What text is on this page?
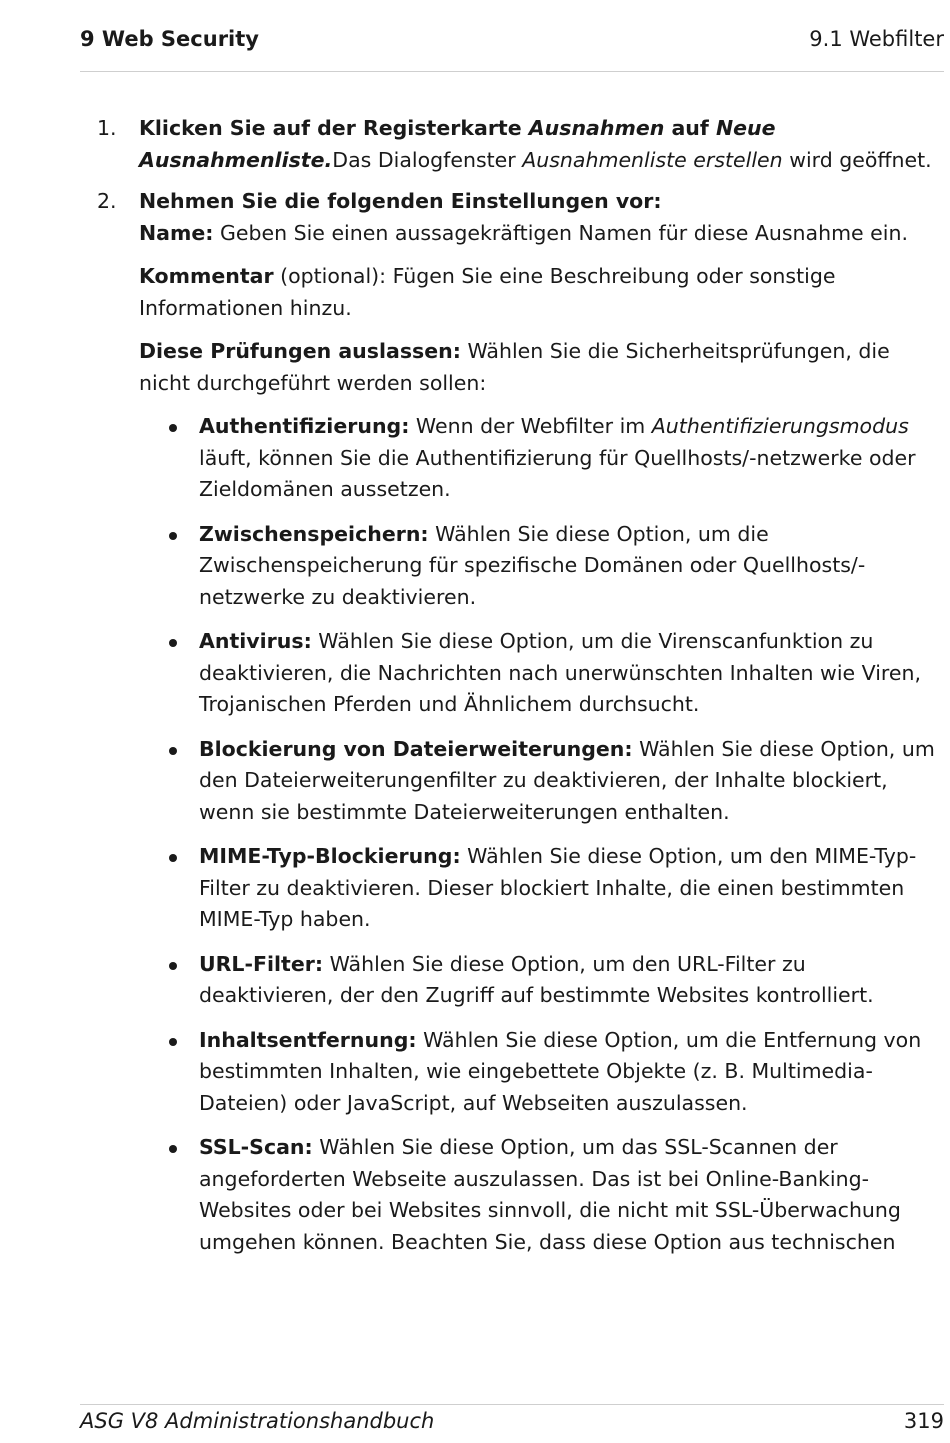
9 Web Security	9.1 Webfilter
1. Klicken Sie auf der Registerkarte Ausnahmen auf Neue Ausnahmenliste.Das Dialogfenster Ausnahmenliste erstellen wird geöffnet.
2. Nehmen Sie die folgenden Einstellungen vor:
Name: Geben Sie einen aussagekräftigen Namen für diese Ausnahme ein.
Kommentar (optional): Fügen Sie eine Beschreibung oder sonstige Informationen hinzu.
Diese Prüfungen auslassen: Wählen Sie die Sicherheitsprüfungen, die nicht durchgeführt werden sollen:
Authentifizierung: Wenn der Webfilter im Authentifizierungsmodus läuft, können Sie die Authentifizierung für Quellhosts/-netzwerke oder Zieldomänen aussetzen.
Zwischenspeichern: Wählen Sie diese Option, um die Zwischenspeicherung für spezifische Domänen oder Quellhosts/-netzwerke zu deaktivieren.
Antivirus: Wählen Sie diese Option, um die Virenscanfunktion zu deaktivieren, die Nachrichten nach unerwünschten Inhalten wie Viren, Trojanischen Pferden und Ähnlichem durchsucht.
Blockierung von Dateierweiterungen: Wählen Sie diese Option, um den Dateierweiterungenfilter zu deaktivieren, der Inhalte blockiert, wenn sie bestimmte Dateierweiterungen enthalten.
MIME-Typ-Blockierung: Wählen Sie diese Option, um den MIME-Typ-Filter zu deaktivieren. Dieser blockiert Inhalte, die einen bestimmten MIME-Typ haben.
URL-Filter: Wählen Sie diese Option, um den URL-Filter zu deaktivieren, der den Zugriff auf bestimmte Websites kontrolliert.
Inhaltsentfernung: Wählen Sie diese Option, um die Entfernung von bestimmten Inhalten, wie eingebettete Objekte (z. B. Multimedia-Dateien) oder JavaScript, auf Webseiten auszulassen.
SSL-Scan: Wählen Sie diese Option, um das SSL-Scannen der angeforderten Webseite auszulassen. Das ist bei Online-Banking-Websites oder bei Websites sinnvoll, die nicht mit SSL-Überwachung umgehen können. Beachten Sie, dass diese Option aus technischen
ASG V8 Administrationshandbuch	319
